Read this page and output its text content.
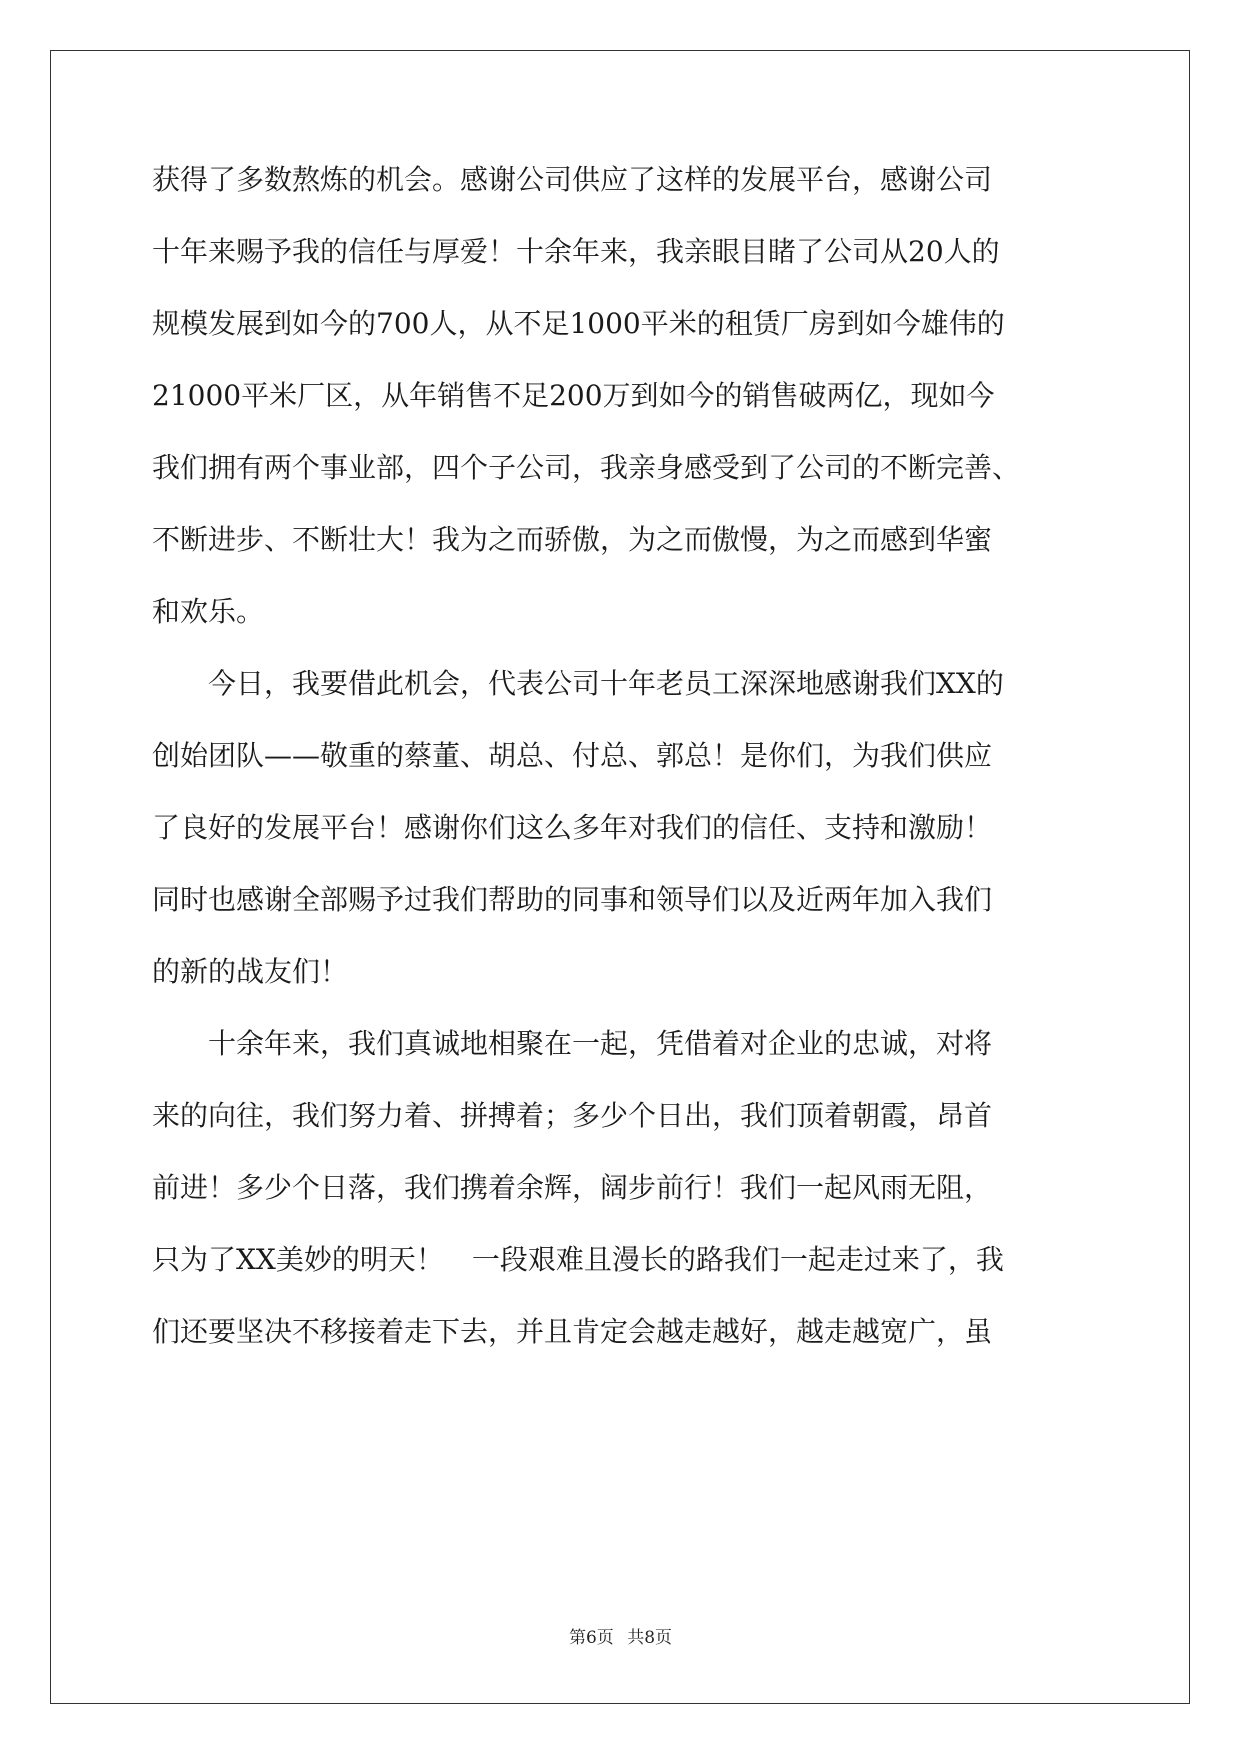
获得了多数熬炼的机会。感谢公司供应了这样的发展平台，感谢公司
十年来赐予我的信任与厚爱！十余年来，我亲眼目睹了公司从20人的
规模发展到如今的700人，从不足1000平米的租赁厂房到如今雄伟的
21000平米厂区，从年销售不足200万到如今的销售破两亿，现如今
我们拥有两个事业部，四个子公司，我亲身感受到了公司的不断完善、
不断进步、不断壮大！我为之而骄傲，为之而傲慢，为之而感到华蜜
和欢乐。
　　今日，我要借此机会，代表公司十年老员工深深地感谢我们XX的
创始团队——敬重的蔡董、胡总、付总、郭总！是你们，为我们供应
了良好的发展平台！感谢你们这么多年对我们的信任、支持和激励！
同时也感谢全部赐予过我们帮助的同事和领导们以及近两年加入我们
的新的战友们！
　　十余年来，我们真诚地相聚在一起，凭借着对企业的忠诚，对将
来的向往，我们努力着、拼搏着；多少个日出，我们顶着朝霞，昂首
前进！多少个日落，我们携着余辉，阔步前行！我们一起风雨无阻，
只为了XX美妙的明天！　一段艰难且漫长的路我们一起走过来了，我
们还要坚决不移接着走下去，并且肯定会越走越好，越走越宽广，虽
第6页 共8页
